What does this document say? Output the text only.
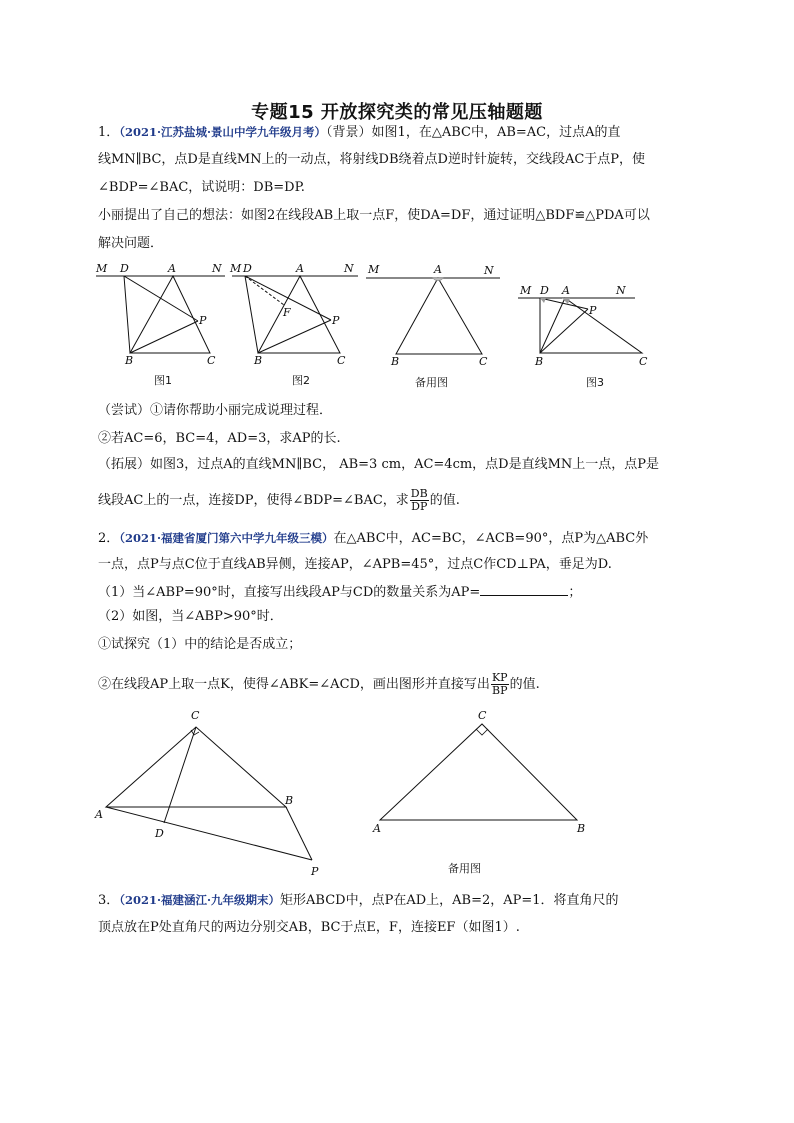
专题15 开放探究类的常见压轴题题
1．（2021·江苏盐城·景山中学九年级月考）（背景）如图1，在△ABC中，AB=AC，过点A的直
线MN∥BC，点D是直线MN上的一动点，将射线DB绕着点D逆时针旋转，交线段AC于点P，使
∠BDP=∠BAC，试说明：DB=DP.
小丽提出了自己的想法：如图2在线段AB上取一点F，使DA=DF，通过证明△BDF≌△PDA可以
解决问题．
M D	A	N
P
B	C
图1
M D	A	N
F
P
B	C
图2
M	A	N
B	C
备用图
M D A	N
P
B	C
图3
（尝试）①请你帮助小丽完成说理过程．
②若AC=6，BC=4，AD=3，求AP的长.
（拓展）如图3，过点A的直线MN∥BC， AB=3 cm，AC=4cm，点D是直线MN上一点，点P是
线段AC上的一点，连接DP，使得∠BDP=∠BAC，求 $\frac{DB}{DP}$ 的值.
2．（2021·福建省厦门第六中学九年级三模）在△ABC中，AC=BC，∠ACB=90°，点P为△ABC外
一点，点P与点C位于直线AB异侧，连接AP，∠APB=45°，过点C作CD⊥PA，垂足为D.
（1）当∠ABP=90°时，直接写出线段AP与CD的数量关系为AP=	；
（2）如图，当∠ABP>90°时．
①试探究（1）中的结论是否成立；
②在线段AP上取一点K，使得∠ABK=∠ACD，画出图形并直接写出 $\frac{KP}{BP}$ 的值.
C
A
B
D
P
C
A	B
备用图
3．（2021·福建涵江·九年级期末）矩形ABCD中，点P在AD上，AB=2，AP=1．将直角尺的
顶点放在P处直角尺的两边分别交AB，BC于点E，F，连接EF（如图1）.
